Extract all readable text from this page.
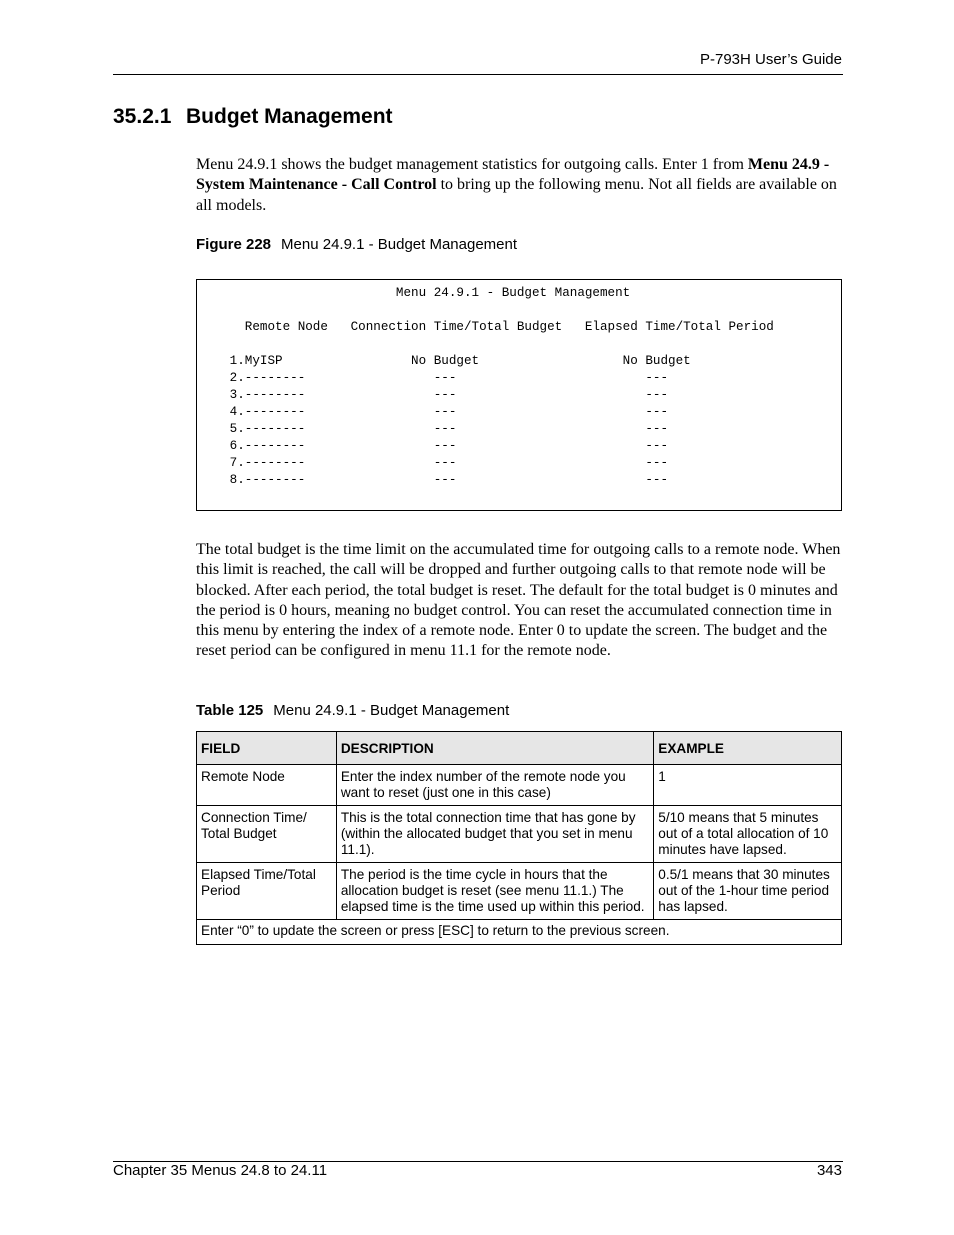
P-793H User’s Guide
35.2.1 Budget Management

Menu 24.9.1 shows the budget management statistics for outgoing calls. Enter 1 from Menu 24.9 - System Maintenance - Call Control to bring up the following menu. Not all fields are available on all models.

Figure 228 Menu 24.9.1 - Budget Management
Menu 24.9.1 - Budget Management

Remote Node   Connection Time/Total Budget   Elapsed Time/Total Period

1.MyISP                 No Budget                   No Budget
2.--------                 ---                         ---
3.--------                 ---                         ---
4.--------                 ---                         ---
5.--------                 ---                         ---
6.--------                 ---                         ---
7.--------                 ---                         ---
8.--------                 ---                         ---

The total budget is the time limit on the accumulated time for outgoing calls to a remote node. When this limit is reached, the call will be dropped and further outgoing calls to that remote node will be blocked. After each period, the total budget is reset. The default for the total budget is 0 minutes and the period is 0 hours, meaning no budget control. You can reset the accumulated connection time in this menu by entering the index of a remote node. Enter 0 to update the screen. The budget and the reset period can be configured in menu 11.1 for the remote node.

Table 125 Menu 24.9.1 - Budget Management
FIELD	DESCRIPTION	EXAMPLE
Remote Node	Enter the index number of the remote node you want to reset (just one in this case)	1
Connection Time/ Total Budget	This is the total connection time that has gone by (within the allocated budget that you set in menu 11.1).	5/10 means that 5 minutes out of a total allocation of 10 minutes have lapsed.
Elapsed Time/Total Period	The period is the time cycle in hours that the allocation budget is reset (see menu 11.1.) The elapsed time is the time used up within this period.	0.5/1 means that 30 minutes out of the 1-hour time period has lapsed.
Enter “0” to update the screen or press [ESC] to return to the previous screen.		
Chapter 35 Menus 24.8 to 24.11	343
